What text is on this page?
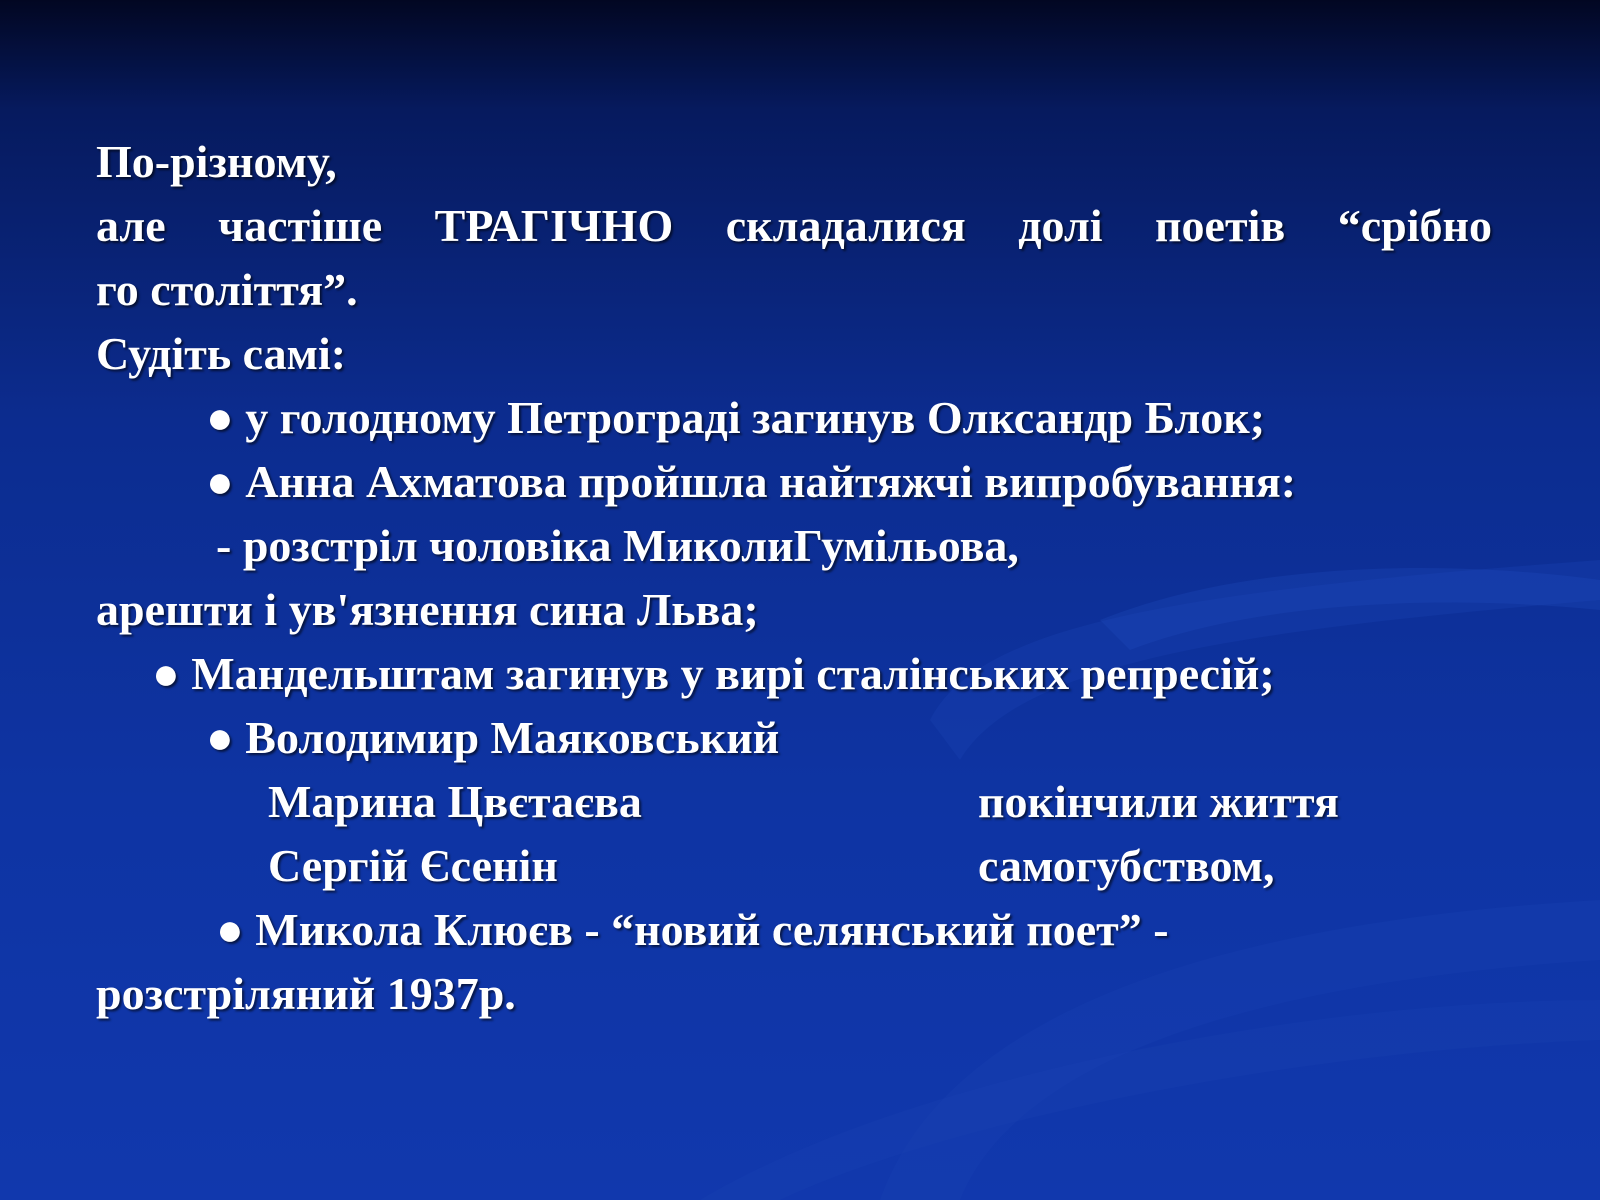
По-різному,
але частіше ТРАГІЧНО складалися долі поетів “срібно
го століття”.
Судіть самі:
● у голодному Петрограді загинув Олксандр Блок;
● Анна Ахматова пройшла найтяжчі випробування:
- розстріл чоловіка МиколиГумільова,
арешти і ув'язнення сина Льва;
● Мандельштам загинув у вирі сталінських репресій;
● Володимир Маяковський
Марина Цвєтаєва	покінчили життя
Сергій Єсенін	самогубством,
● Микола Клюєв - “новий селянський поет” -
розстріляний 1937р.
